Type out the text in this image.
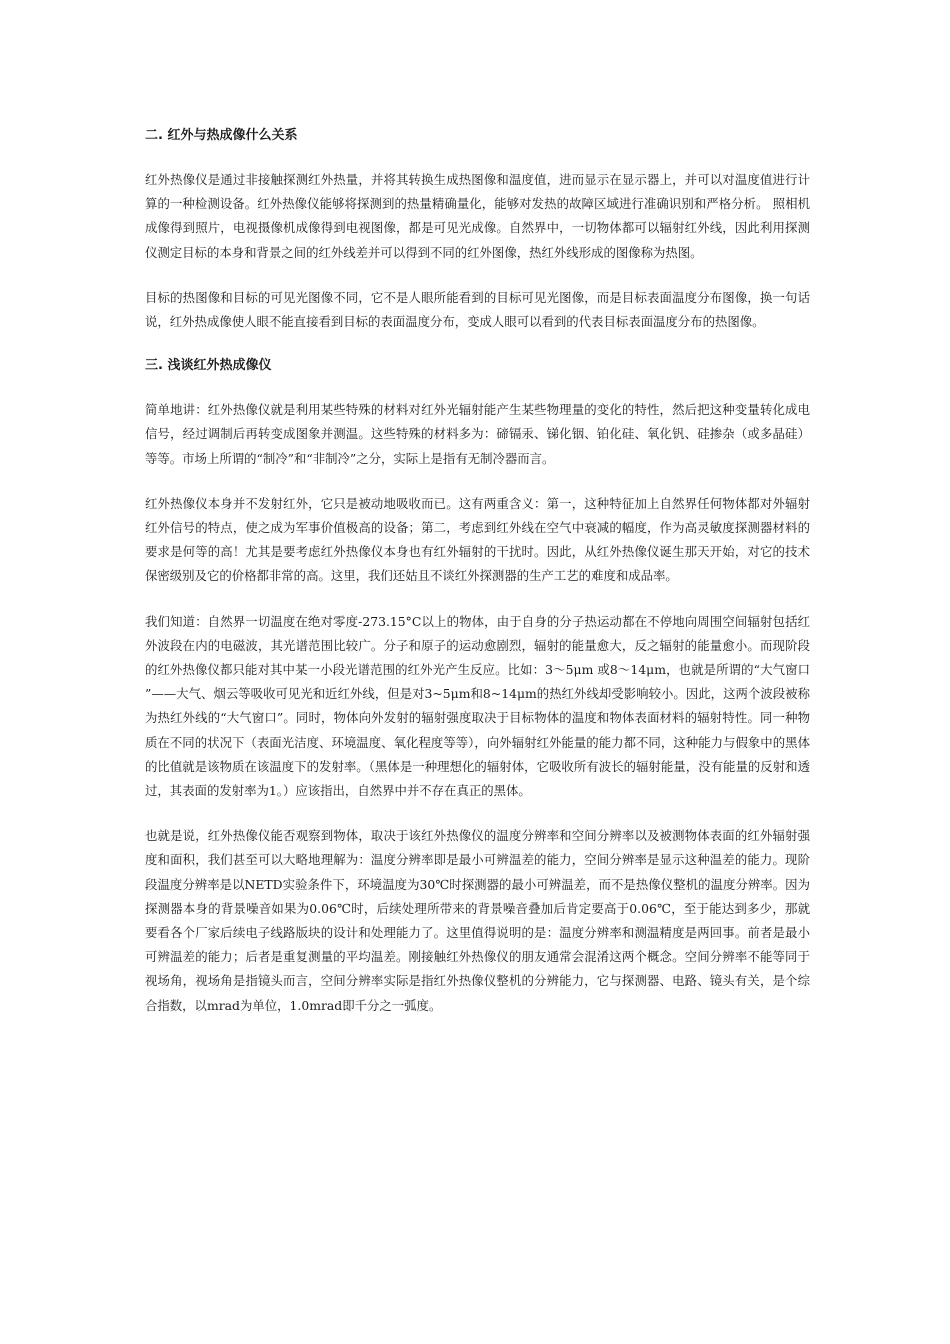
二. 红外与热成像什么关系

红外热像仪是通过非接触探测红外热量，并将其转换生成热图像和温度值，进而显示在显示器上，并可以对温度值进行计算的一种检测设备。红外热像仪能够将探测到的热量精确量化，能够对发热的故障区域进行准确识别和严格分析。 照相机成像得到照片，电视摄像机成像得到电视图像，都是可见光成像。自然界中，一切物体都可以辐射红外线，因此利用探测仪测定目标的本身和背景之间的红外线差并可以得到不同的红外图像，热红外线形成的图像称为热图。

目标的热图像和目标的可见光图像不同，它不是人眼所能看到的目标可见光图像，而是目标表面温度分布图像，换一句话说，红外热成像使人眼不能直接看到目标的表面温度分布，变成人眼可以看到的代表目标表面温度分布的热图像。

三. 浅谈红外热成像仪

简单地讲：红外热像仪就是利用某些特殊的材料对红外光辐射能产生某些物理量的变化的特性，然后把这种变量转化成电信号，经过调制后再转变成图象并测温。这些特殊的材料多为：碲镉汞、锑化铟、铂化硅、氧化钒、硅掺杂（或多晶硅）等等。市场上所谓的“制冷”和“非制冷”之分，实际上是指有无制冷器而言。

红外热像仪本身并不发射红外，它只是被动地吸收而已。这有两重含义：第一，这种特征加上自然界任何物体都对外辐射红外信号的特点，使之成为军事价值极高的设备；第二，考虑到红外线在空气中衰减的幅度，作为高灵敏度探测器材料的要求是何等的高！尤其是要考虑红外热像仪本身也有红外辐射的干扰时。因此，从红外热像仪诞生那天开始，对它的技术保密级别及它的价格都非常的高。这里，我们还姑且不谈红外探测器的生产工艺的难度和成品率。

我们知道：自然界一切温度在绝对零度-273.15°C以上的物体，由于自身的分子热运动都在不停地向周围空间辐射包括红外波段在内的电磁波，其光谱范围比较广。分子和原子的运动愈剧烈，辐射的能量愈大，反之辐射的能量愈小。而现阶段的红外热像仪都只能对其中某一小段光谱范围的红外光产生反应。比如：3～5μm 或8～14μm，也就是所谓的“大气窗口”——大气、烟云等吸收可见光和近红外线，但是对3~5μm和8~14μm的热红外线却受影响较小。因此，这两个波段被称为热红外线的“大气窗口”。同时，物体向外发射的辐射强度取决于目标物体的温度和物体表面材料的辐射特性。同一种物质在不同的状况下（表面光洁度、环境温度、氧化程度等等），向外辐射红外能量的能力都不同，这种能力与假象中的黑体的比值就是该物质在该温度下的发射率。（黑体是一种理想化的辐射体，它吸收所有波长的辐射能量，没有能量的反射和透过，其表面的发射率为1。）应该指出，自然界中并不存在真正的黑体。

也就是说，红外热像仪能否观察到物体，取决于该红外热像仪的温度分辨率和空间分辨率以及被测物体表面的红外辐射强度和面积，我们甚至可以大略地理解为：温度分辨率即是最小可辨温差的能力，空间分辨率是显示这种温差的能力。现阶段温度分辨率是以NETD实验条件下，环境温度为30℃时探测器的最小可辨温差，而不是热像仪整机的温度分辨率。因为探测器本身的背景噪音如果为0.06℃时，后续处理所带来的背景噪音叠加后肯定要高于0.06℃，至于能达到多少，那就要看各个厂家后续电子线路版块的设计和处理能力了。这里值得说明的是：温度分辨率和测温精度是两回事。前者是最小可辨温差的能力；后者是重复测量的平均温差。刚接触红外热像仪的朋友通常会混淆这两个概念。空间分辨率不能等同于视场角，视场角是指镜头而言，空间分辨率实际是指红外热像仪整机的分辨能力，它与探测器、电路、镜头有关，是个综合指数，以mrad为单位，1.0mrad即千分之一弧度。
